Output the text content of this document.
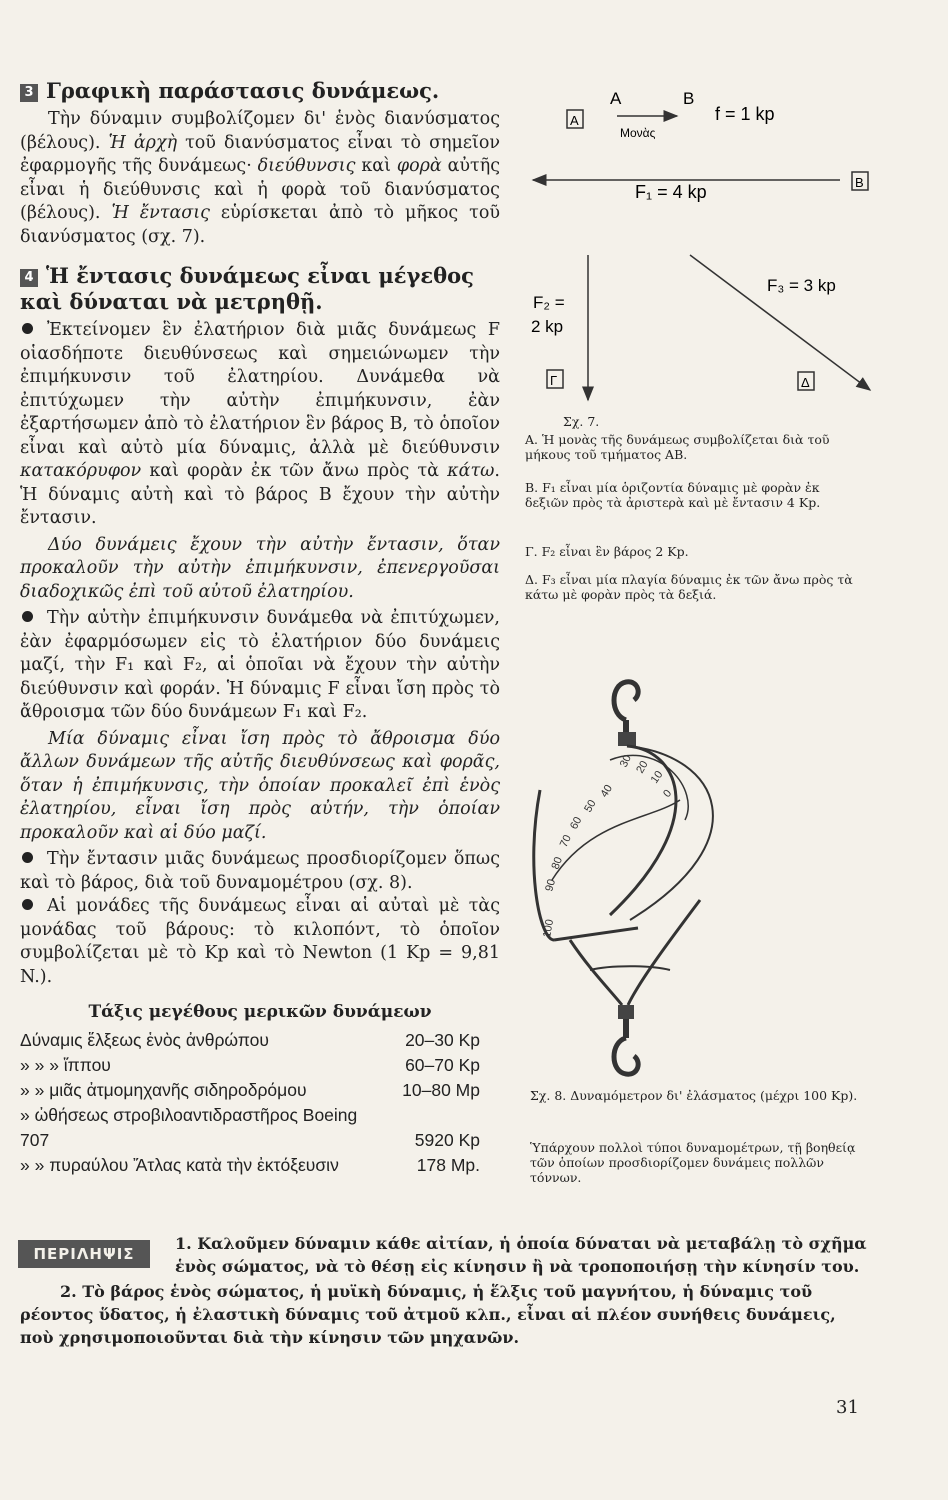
3 Γραφικὴ παράστασις δυνάμεως.

Τὴν δύναμιν συμβολίζομεν δι' ἑνὸς διανύσματος (βέλους). Ἡ ἀρχὴ τοῦ διανύσματος εἶναι τὸ σημεῖον ἐφαρμογῆς τῆς δυνάμεως· διεύθυνσις καὶ φορὰ αὐτῆς εἶναι ἡ διεύθυνσις καὶ ἡ φορὰ τοῦ διανύσματος (βέλους). Ἡ ἔντασις εὑρίσκεται ἀπὸ τὸ μῆκος τοῦ διανύσματος (σχ. 7).

4 Ἡ ἔντασις δυνάμεως εἶναι μέγεθος καὶ δύναται νὰ μετρηθῇ.

Ἐκτείνομεν ἓν ἐλατήριον διὰ μιᾶς δυνάμεως F οἱασδήποτε διευθύνσεως καὶ σημειώνωμεν τὴν ἐπιμήκυνσιν τοῦ ἐλατηρίου. Δυνάμεθα νὰ ἐπιτύχωμεν τὴν αὐτὴν ἐπιμήκυνσιν, ἐὰν ἐξαρτήσωμεν ἀπὸ τὸ ἐλατήριον ἓν βάρος Β, τὸ ὁποῖον εἶναι καὶ αὐτὸ μία δύναμις, ἀλλὰ μὲ διεύθυνσιν κατακόρυφον καὶ φορὰν ἐκ τῶν ἄνω πρὸς τὰ κάτω. Ἡ δύναμις αὐτὴ καὶ τὸ βάρος Β ἔχουν τὴν αὐτὴν ἔντασιν.

Δύο δυνάμεις ἔχουν τὴν αὐτὴν ἔντασιν, ὅταν προκαλοῦν τὴν αὐτὴν ἐπιμήκυνσιν, ἐπενεργοῦσαι διαδοχικῶς ἐπὶ τοῦ αὐτοῦ ἐλατηρίου.

Τὴν αὐτὴν ἐπιμήκυνσιν δυνάμεθα νὰ ἐπιτύχωμεν, ἐὰν ἐφαρμόσωμεν εἰς τὸ ἐλατήριον δύο δυνάμεις μαζί, τὴν F₁ καὶ F₂, αἱ ὁποῖαι νὰ ἔχουν τὴν αὐτὴν διεύθυνσιν καὶ φοράν. Ἡ δύναμις F εἶναι ἴση πρὸς τὸ ἄθροισμα τῶν δύο δυνάμεων F₁ καὶ F₂.

Μία δύναμις εἶναι ἴση πρὸς τὸ ἄθροισμα δύο ἄλλων δυνάμεων τῆς αὐτῆς διευθύνσεως καὶ φορᾶς, ὅταν ἡ ἐπιμήκυνσις, τὴν ὁποίαν προκαλεῖ ἐπὶ ἑνὸς ἐλατηρίου, εἶναι ἴση πρὸς αὐτήν, τὴν ὁποίαν προκαλοῦν καὶ αἱ δύο μαζί.

Τὴν ἔντασιν μιᾶς δυνάμεως προσδιορίζομεν ὅπως καὶ τὸ βάρος, διὰ τοῦ δυναμομέτρου (σχ. 8).

Αἱ μονάδες τῆς δυνάμεως εἶναι αἱ αὐταὶ μὲ τὰς μονάδας τοῦ βάρους: τὸ κιλοπόντ, τὸ ὁποῖον συμβολίζεται μὲ τὸ Kp καὶ τὸ Newton (1 Kp = 9,81 N.).

Τάξις μεγέθους μερικῶν δυνάμεων
Δύναμις ἕλξεως ἑνὸς ἀνθρώπου	20–30 Kp
» » » ἵππου	60–70 Kp
» » μιᾶς ἀτμομηχανῆς σιδηροδρόμου	10–80 Mp
» ὠθήσεως στροβιλοαντιδραστῆρος Boeing 707	5920 Kp
» » πυραύλου Ἄτλας κατὰ τὴν ἐκτόξευσιν	178 Mp.
A
A	B
Μονὰς
f = 1 kp
F₁ = 4 kp	B
F₂ =
2 kp
Γ
F₃ = 3 kp
Δ
Σχ. 7.
Α. Ἡ μονὰς τῆς δυνάμεως συμβολίζεται διὰ τοῦ μήκους τοῦ τμήματος ΑΒ.
Β. F₁ εἶναι μία ὁριζοντία δύναμις μὲ φορὰν ἐκ δεξιῶν πρὸς τὰ ἀριστερὰ καὶ μὲ ἔντασιν 4 Kp.
Γ. F₂ εἶναι ἓν βάρος 2 Kp.
Δ. F₃ εἶναι μία πλαγία δύναμις ἐκ τῶν ἄνω πρὸς τὰ κάτω μὲ φορὰν πρὸς τὰ δεξιά.
0
10
20
30
40
50
60
70
80
90
100
Σχ. 8. Δυναμόμετρον δι' ἐλάσματος (μέχρι 100 Kp).
Ὑπάρχουν πολλοὶ τύποι δυναμομέτρων, τῇ βοηθείᾳ τῶν ὁποίων προσδιορίζομεν δυνάμεις πολλῶν τόννων.
ΠΕΡΙΛΗΨΙΣ

1. Καλοῦμεν δύναμιν κάθε αἰτίαν, ἡ ὁποία δύναται νὰ μεταβάλῃ τὸ σχῆμα ἑνὸς σώματος, νὰ τὸ θέσῃ εἰς κίνησιν ἢ νὰ τροποποιήσῃ τὴν κίνησίν του.

2. Τὸ βάρος ἑνὸς σώματος, ἡ μυϊκὴ δύναμις, ἡ ἕλξις τοῦ μαγνήτου, ἡ δύναμις τοῦ ρέοντος ὕδατος, ἡ ἐλαστικὴ δύναμις τοῦ ἀτμοῦ κλπ., εἶναι αἱ πλέον συνήθεις δυνάμεις, ποὺ χρησιμοποιοῦνται διὰ τὴν κίνησιν τῶν μηχανῶν.

31
